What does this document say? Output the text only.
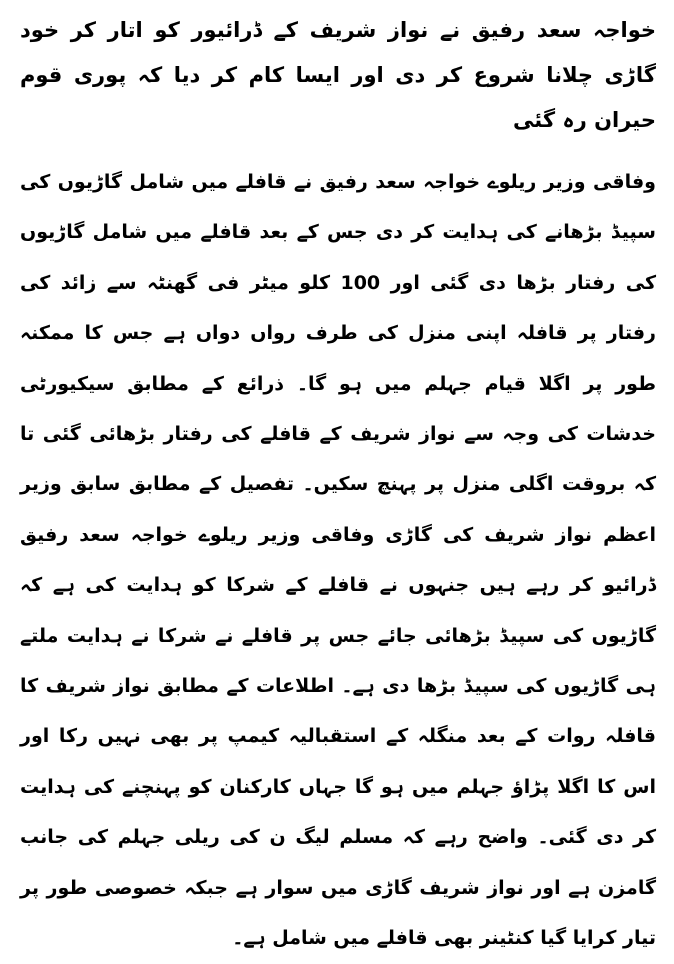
خواجہ سعد رفیق نے نواز شریف کے ڈرائیور کو اتار کر خود گاڑی چلانا شروع کر دی اور ایسا کام کر دیا کہ پوری قوم حیران رہ گئی

وفاقی وزیر ریلوے خواجہ سعد رفیق نے قافلے میں شامل گاڑیوں کی سپیڈ بڑھانے کی ہدایت کر دی جس کے بعد قافلے میں شامل گاڑیوں کی رفتار بڑھا دی گئی اور 100 کلو میٹر فی گھنٹہ سے زائد کی رفتار پر قافلہ اپنی منزل کی طرف رواں دواں ہے جس کا ممکنہ طور پر اگلا قیام جہلم میں ہو گا۔ ذرائع کے مطابق سیکیورٹی خدشات کی وجہ سے نواز شریف کے قافلے کی رفتار بڑھائی گئی تا کہ بروقت اگلی منزل پر پہنچ سکیں۔ تفصیل کے مطابق سابق وزیر اعظم نواز شریف کی گاڑی وفاقی وزیر ریلوے خواجہ سعد رفیق ڈرائیو کر رہے ہیں جنہوں نے قافلے کے شرکا کو ہدایت کی ہے کہ گاڑیوں کی سپیڈ بڑھائی جائے جس پر قافلے نے شرکا نے ہدایت ملتے ہی گاڑیوں کی سپیڈ بڑھا دی ہے۔ اطلاعات کے مطابق نواز شریف کا قافلہ روات کے بعد منگلہ کے استقبالیہ کیمپ پر بھی نہیں رکا اور اس کا اگلا پڑاؤ جہلم میں ہو گا جہاں کارکنان کو پہنچنے کی ہدایت کر دی گئی۔ واضح رہے کہ مسلم لیگ ن کی ریلی جہلم کی جانب گامزن ہے اور نواز شریف گاڑی میں سوار ہے جبکہ خصوصی طور پر تیار کرایا گیا کنٹینر بھی قافلے میں شامل ہے۔
